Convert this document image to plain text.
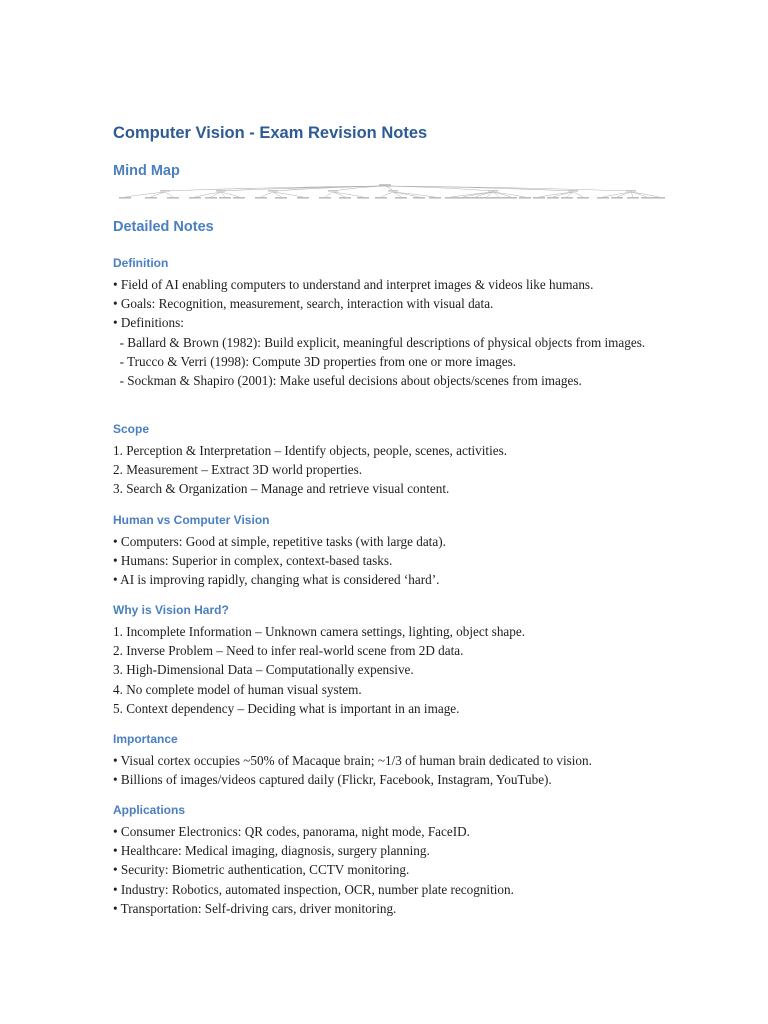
Computer Vision - Exam Revision Notes
Mind Map
Detailed Notes
Definition

• Field of AI enabling computers to understand and interpret images & videos like humans.

• Goals: Recognition, measurement, search, interaction with visual data.

• Definitions:

- Ballard & Brown (1982): Build explicit, meaningful descriptions of physical objects from images.

- Trucco & Verri (1998): Compute 3D properties from one or more images.

- Sockman & Shapiro (2001): Make useful decisions about objects/scenes from images.

Scope

1. Perception & Interpretation – Identify objects, people, scenes, activities.

2. Measurement – Extract 3D world properties.

3. Search & Organization – Manage and retrieve visual content.

Human vs Computer Vision

• Computers: Good at simple, repetitive tasks (with large data).

• Humans: Superior in complex, context-based tasks.

• AI is improving rapidly, changing what is considered ‘hard’.

Why is Vision Hard?

1. Incomplete Information – Unknown camera settings, lighting, object shape.

2. Inverse Problem – Need to infer real-world scene from 2D data.

3. High-Dimensional Data – Computationally expensive.

4. No complete model of human visual system.

5. Context dependency – Deciding what is important in an image.

Importance

• Visual cortex occupies ~50% of Macaque brain; ~1/3 of human brain dedicated to vision.

• Billions of images/videos captured daily (Flickr, Facebook, Instagram, YouTube).

Applications

• Consumer Electronics: QR codes, panorama, night mode, FaceID.

• Healthcare: Medical imaging, diagnosis, surgery planning.

• Security: Biometric authentication, CCTV monitoring.

• Industry: Robotics, automated inspection, OCR, number plate recognition.

• Transportation: Self-driving cars, driver monitoring.
